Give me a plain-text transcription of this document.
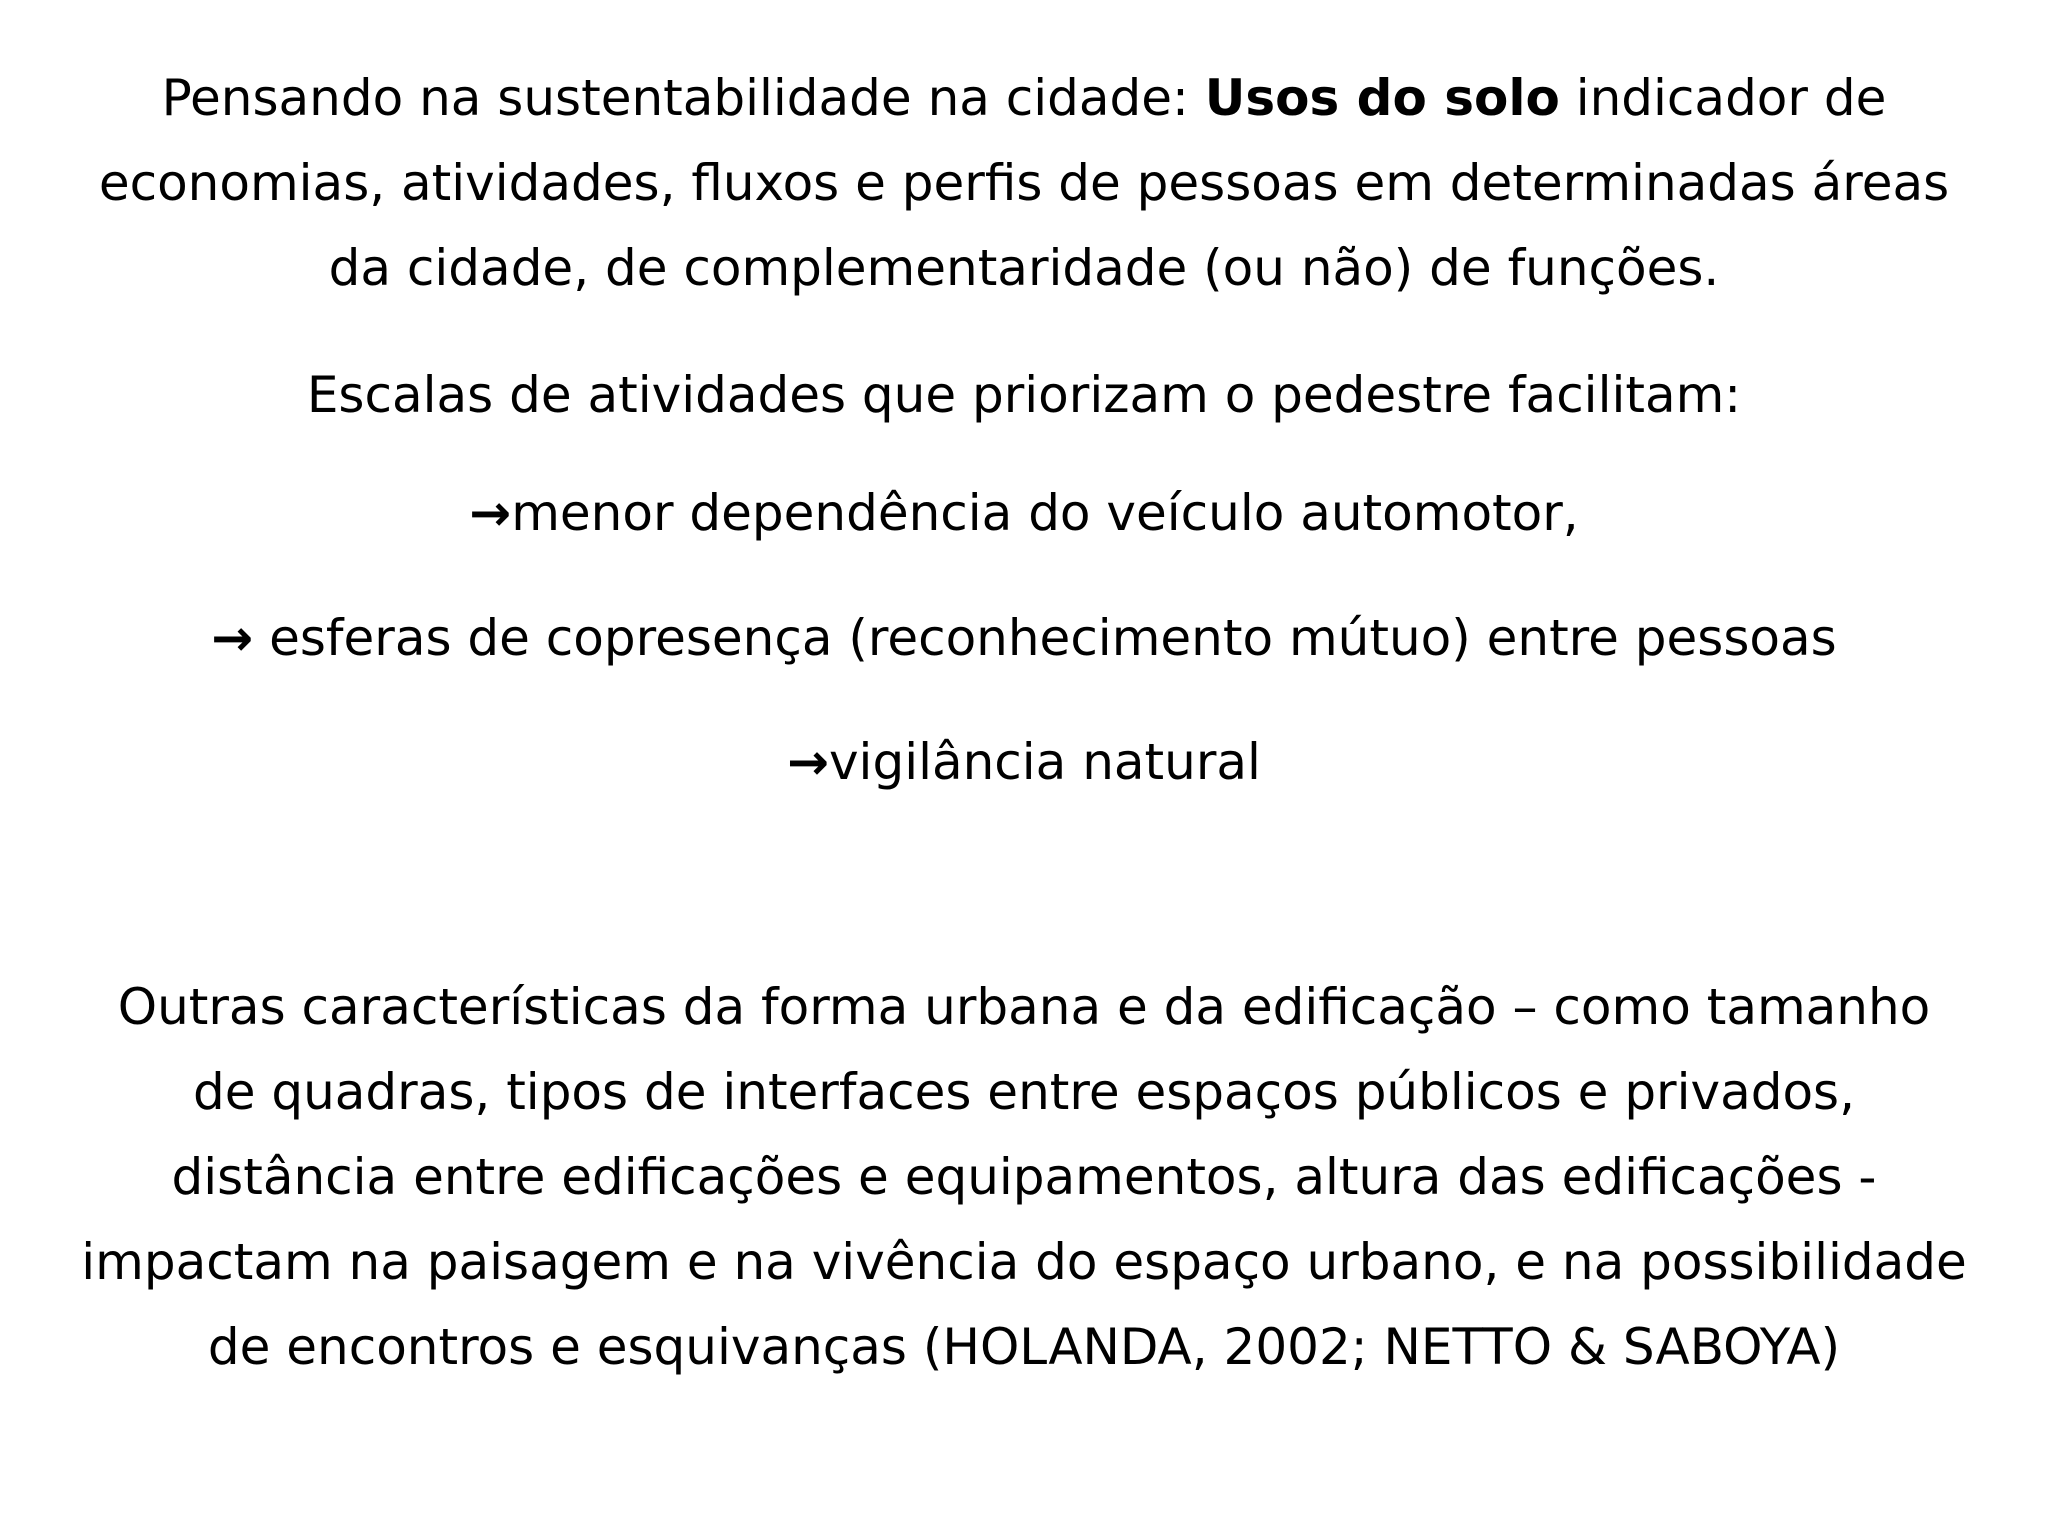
Pensando na sustentabilidade na cidade: Usos do solo indicador de economias, atividades, fluxos e perfis de pessoas em determinadas áreas da cidade, de complementaridade (ou não) de funções.

Escalas de atividades que priorizam o pedestre facilitam:

→menor dependência do veículo automotor,

→ esferas de copresença (reconhecimento mútuo) entre pessoas

→vigilância natural

Outras características da forma urbana e da edificação – como tamanho de quadras, tipos de interfaces entre espaços públicos e privados, distância entre edificações e equipamentos, altura das edificações - impactam na paisagem e na vivência do espaço urbano, e na possibilidade de encontros e esquivanças (HOLANDA, 2002; NETTO & SABOYA)
